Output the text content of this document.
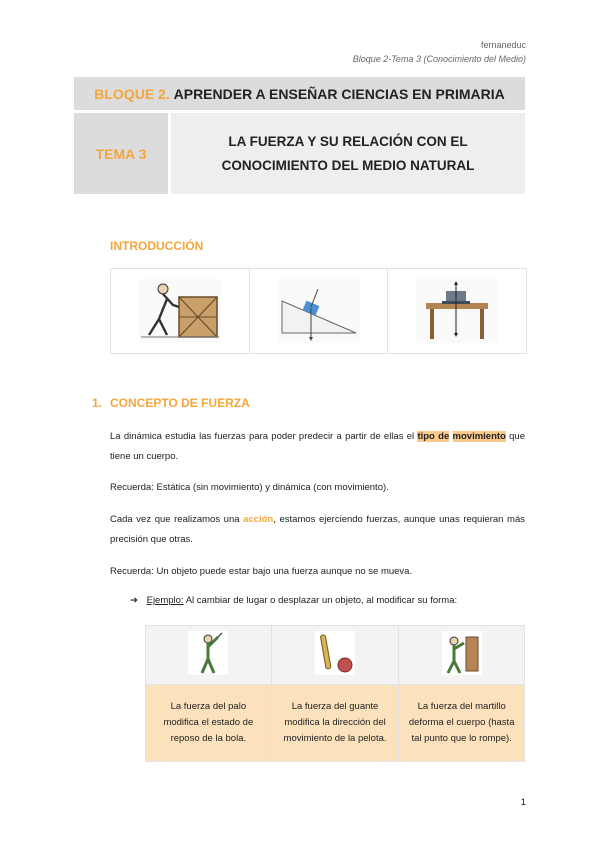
fernaneduc
Bloque 2-Tema 3 (Conocimiento del Medio)
BLOQUE 2.
APRENDER A ENSEÑAR CIENCIAS EN PRIMARIA
TEMA 3
LA FUERZA Y SU RELACIÓN CON EL
CONOCIMIENTO DEL MEDIO NATURAL
INTRODUCCIÓN
1. CONCEPTO DE FUERZA
La dinámica estudia las fuerzas para poder predecir a partir de ellas el tipo de movimiento que tiene un cuerpo.
Recuerda: Estática (sin movimiento) y dinámica (con movimiento).
Cada vez que realizamos una acción, estamos ejerciendo fuerzas, aunque unas requieran más precisión que otras.
Recuerda: Un objeto puede estar bajo una fuerza aunque no se mueva.
➔ Ejemplo: Al cambiar de lugar o desplazar un objeto, al modificar su forma:

La fuerza del palo modifica el estado de reposo de la bola.	La fuerza del guante modifica la dirección del movimiento de la pelota.	La fuerza del martillo deforma el cuerpo (hasta tal punto que lo rompe).
1
